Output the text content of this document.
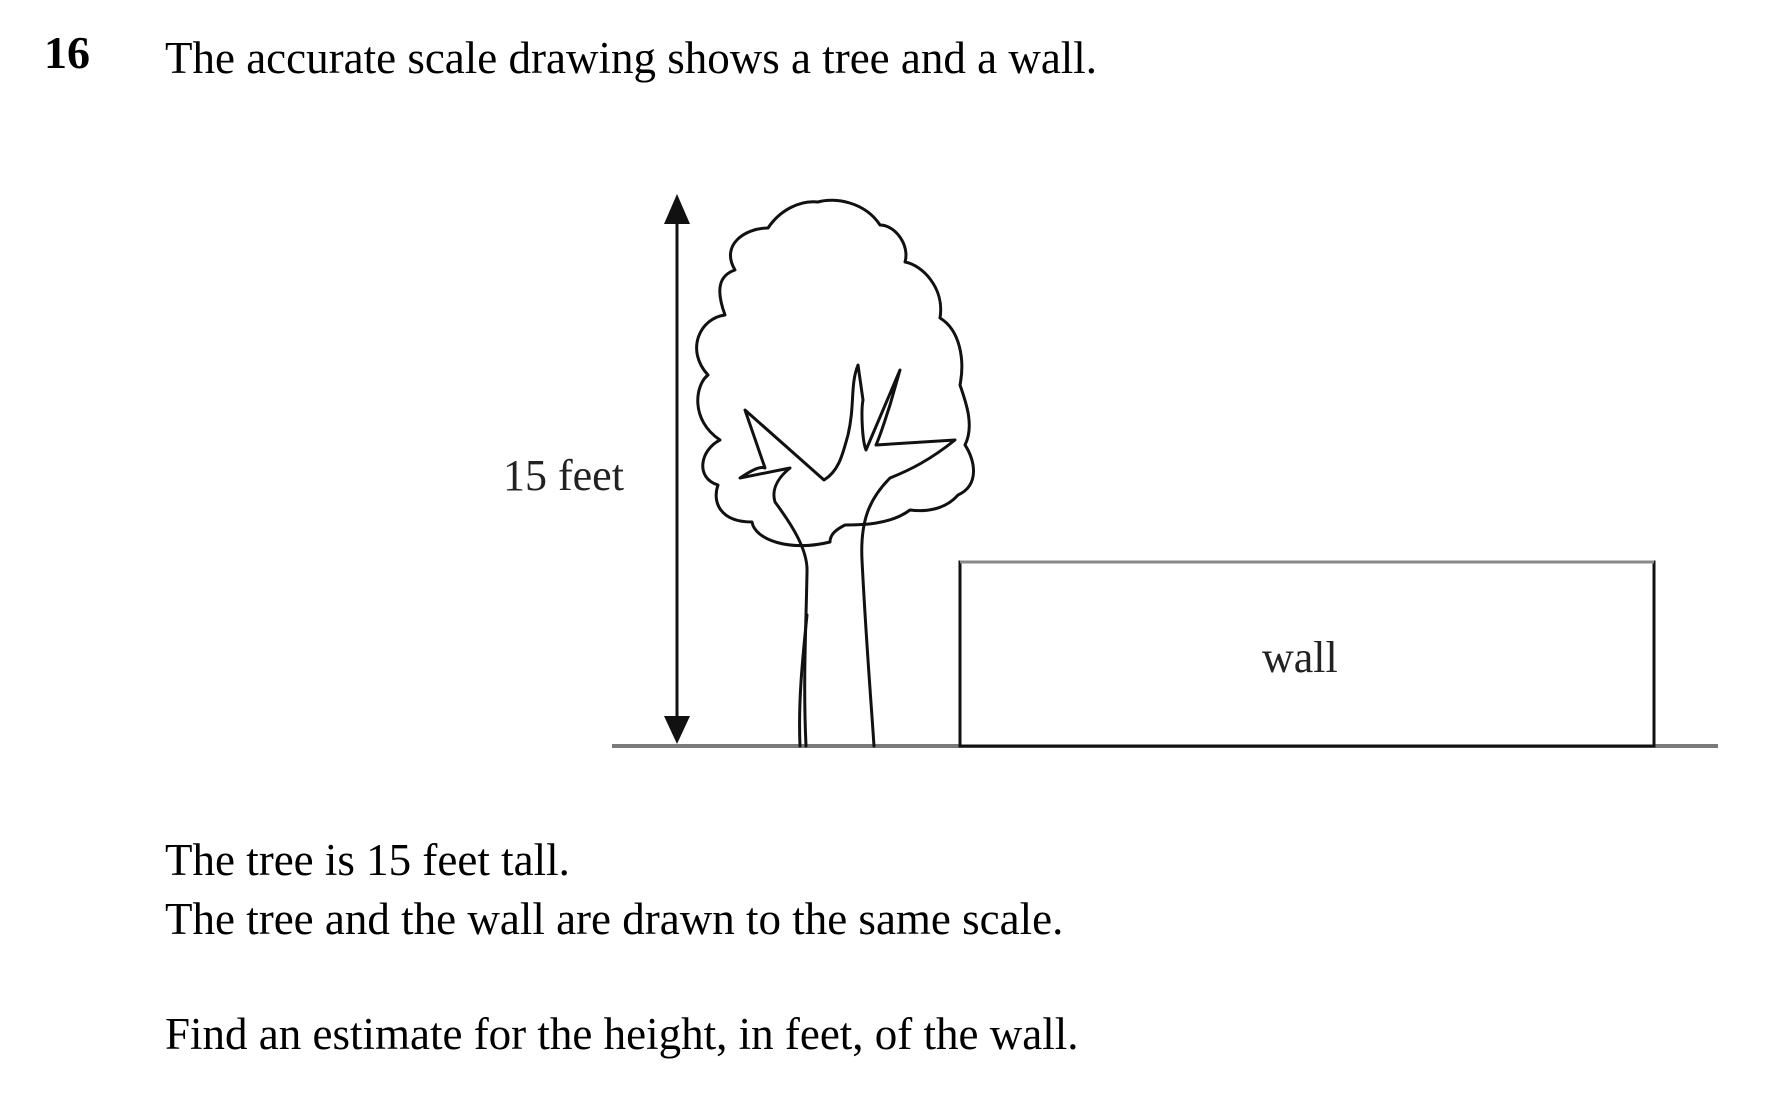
16 The accurate scale drawing shows a tree and a wall.
15 feet
wall
The tree is 15 feet tall.
The tree and the wall are drawn to the same scale.
Find an estimate for the height, in feet, of the wall.
